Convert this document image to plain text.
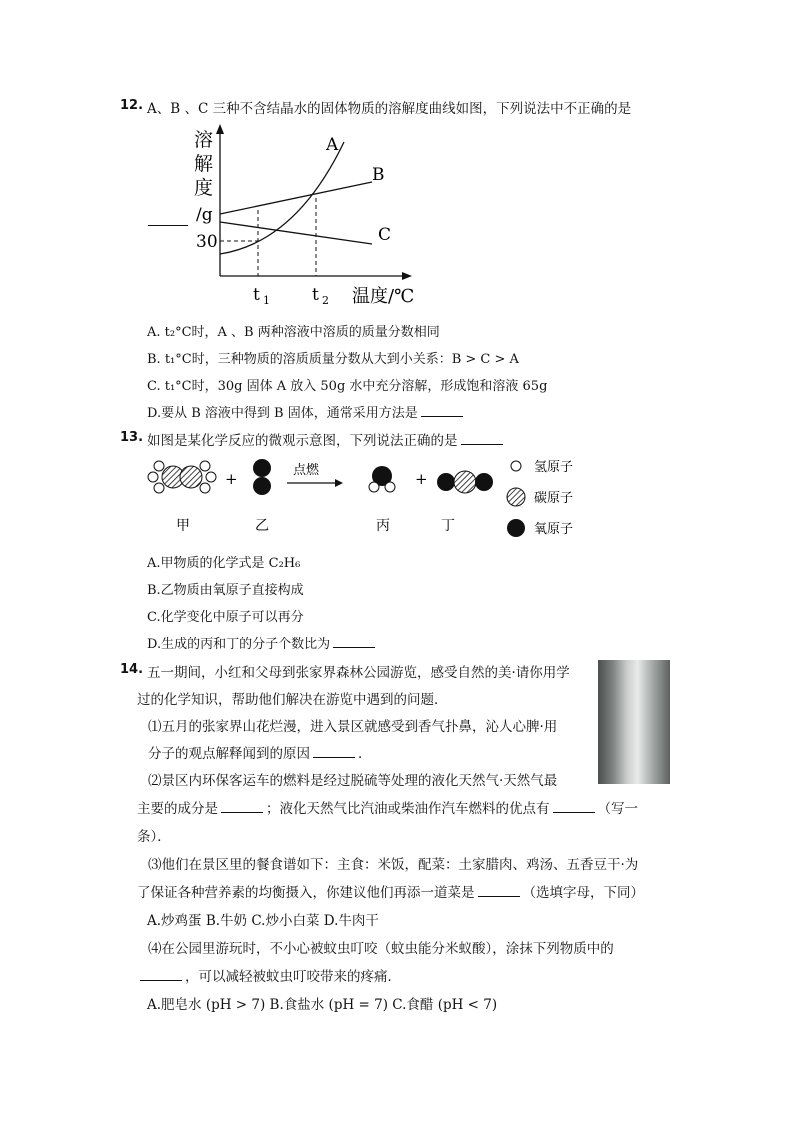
12. A、B 、C 三种不含结晶水的固体物质的溶解度曲线如图，下列说法中不正确的是
溶
解
度
/g
30
A
B
C
t 1 t 2 温度/℃
A. t₂°C时，A 、B 两种溶液中溶质的质量分数相同
B. t₁°C时，三种物质的溶质质量分数从大到小关系：B > C > A
C. t₁°C时，30g 固体 A 放入 50g 水中充分溶解，形成饱和溶液 65g
D.要从 B 溶液中得到 B 固体，通常采用方法是
13. 如图是某化学反应的微观示意图，下列说法正确的是
+	点燃	+
甲	乙	丙	丁
氢原子
碳原子
氧原子
A.甲物质的化学式是 C₂H₆
B.乙物质由氧原子直接构成
C.化学变化中原子可以再分
D.生成的丙和丁的分子个数比为
14. 五一期间，小红和父母到张家界森林公园游览，感受自然的美·请你用学
过的化学知识，帮助他们解决在游览中遇到的问题．
⑴五月的张家界山花烂漫，进入景区就感受到香气扑鼻，沁人心脾·用
分子的观点解释闻到的原因	．
⑵景区内环保客运车的燃料是经过脱硫等处理的液化天然气·天然气最
主要的成分是	；液化天然气比汽油或柴油作汽车燃料的优点有	（写一
条）．
⑶他们在景区里的餐食谱如下：主食：米饭，配菜：土家腊肉、鸡汤、五香豆干·为
了保证各种营养素的均衡摄入，你建议他们再添一道菜是	（选填字母，下同）
A.炒鸡蛋 B.牛奶 C.炒小白菜 D.牛肉干
⑷在公园里游玩时，不小心被蚊虫叮咬（蚊虫能分米蚁酸），涂抹下列物质中的
，可以减轻被蚊虫叮咬带来的疼痛．
A.肥皂水 (pH > 7) B.食盐水 (pH = 7) C.食醋 (pH < 7)
